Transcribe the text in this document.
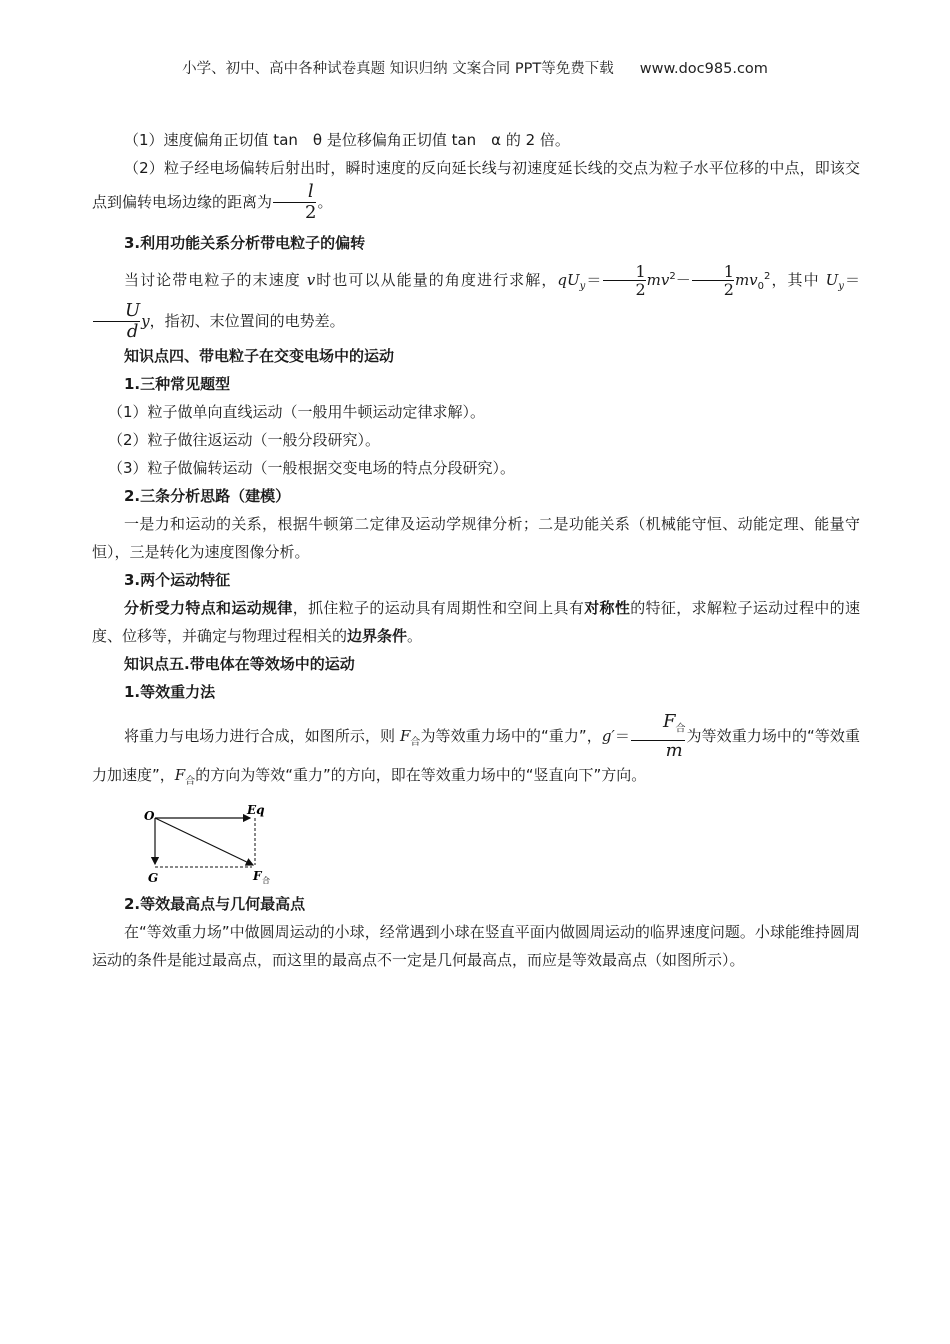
小学、初中、高中各种试卷真题 知识归纳 文案合同 PPT等免费下载 www.doc985.com

（1）速度偏角正切值 tan　θ 是位移偏角正切值 tan　α 的 2 倍。

（2）粒子经电场偏转后射出时，瞬时速度的反向延长线与初速度延长线的交点为粒子水平位移的中点，即该交点到偏转电场边缘的距离为 $\frac{l}{2}$ 。

3.利用功能关系分析带电粒子的偏转

当讨论带电粒子的末速度 v时也可以从能量的角度进行求解，$qU_y= \frac{1}{2} mv^2- \frac{1}{2} mv_0^2$，其中 $U_y=$
$\frac{U}{d}$ y，指初、末位置间的电势差。

知识点四、带电粒子在交变电场中的运动

1.三种常见题型

（1）粒子做单向直线运动（一般用牛顿运动定律求解）。

（2）粒子做往返运动（一般分段研究）。

（3）粒子做偏转运动（一般根据交变电场的特点分段研究）。

2.三条分析思路（建模）

一是力和运动的关系，根据牛顿第二定律及运动学规律分析；二是功能关系（机械能守恒、动能定理、能量守恒），三是转化为速度图像分析。

3.两个运动特征

分析受力特点和运动规律，抓住粒子的运动具有周期性和空间上具有对称性的特征，求解粒子运动过程中的速度、位移等，并确定与物理过程相关的边界条件。

知识点五.带电体在等效场中的运动

1.等效重力法

将重力与电场力进行合成，如图所示，则 $F_合$为等效重力场中的“重力”，$g'= \frac{F_合}{m}$ 为等效重力场中的“等效重力加速度”，$F_合$的方向为等效“重力”的方向，即在等效重力场中的“竖直向下”方向。

O	Eq
G	F 合

2.等效最高点与几何最高点

在“等效重力场”中做圆周运动的小球，经常遇到小球在竖直平面内做圆周运动的临界速度问题。小球能维持圆周运动的条件是能过最高点，而这里的最高点不一定是几何最高点，而应是等效最高点（如图所示）。
